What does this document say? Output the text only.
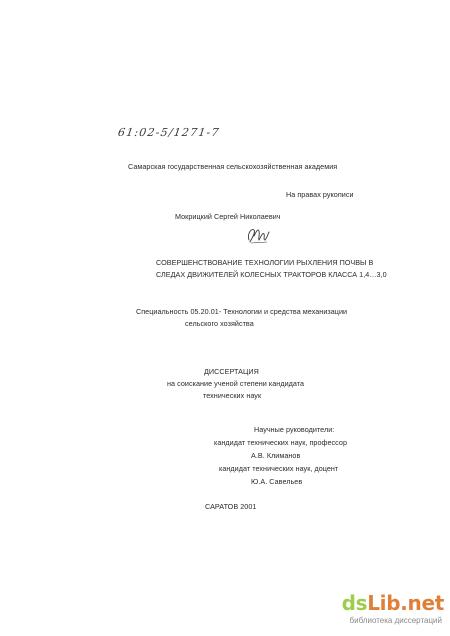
61:02-5/1271-7
Самарская государственная сельскохозяйственная академия
На правах рукописи
Мокрицкий Сергей Николаевич
СОВЕРШЕНСТВОВАНИЕ ТЕХНОЛОГИИ РЫХЛЕНИЯ ПОЧВЫ В
СЛЕДАХ ДВИЖИТЕЛЕЙ КОЛЕСНЫХ ТРАКТОРОВ КЛАССА 1,4…3,0
Специальность 05.20.01- Технологии и средства механизации
сельского хозяйства
ДИССЕРТАЦИЯ
на соискание ученой степени кандидата
технических наук
Научные руководители:
кандидат технических наук, профессор
А.В. Климанов
кандидат технических наук, доцент
Ю.А. Савельев
САРАТОВ 2001
dsLib.net
библиотека диссертаций
